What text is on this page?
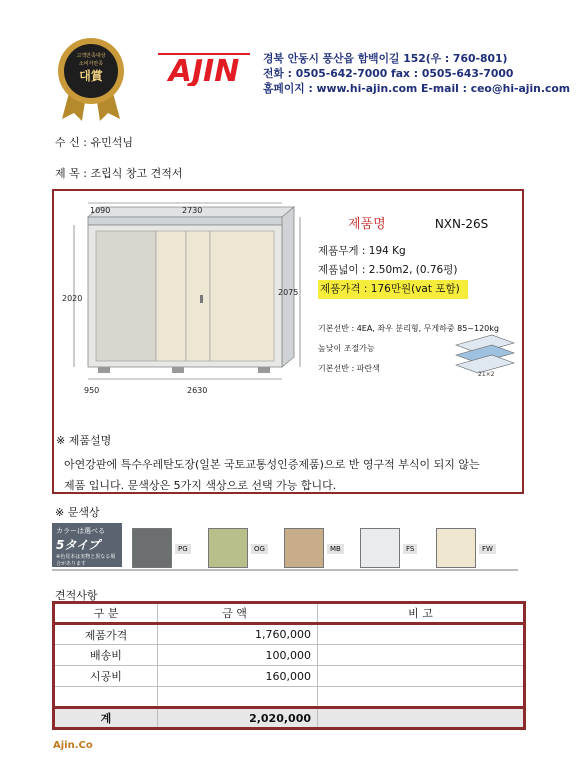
고객만족대상
소비자만족
대賞 AJIN 경북 안동시 풍산읍 함백이길 152(우 : 760-801)
전화 : 0505-642-7000 fax : 0505-643-7000
홈페이지 : www.hi-ajin.com E-mail : ceo@hi-ajin.com
수 신 : 유민석님
제 목 : 조립식 창고 견적서
1090	2730
2020
2075
950	2630
제품명	NXN-26S
제품무게 : 194 Kg
제품넓이 : 2.50m2, (0.76평)
제품가격 : 176만원(vat 포함)
기본선반 : 4EA, 좌우 분리형, 무게하중 85~120kg
높낮이 조절가능
기본선반 : 파란색
21×2
※ 제품설명
아연강판에 특수우레탄도장(일본 국토교통성인증제품)으로 반 영구적 부식이 되지 않는
제품 입니다. 문색상은 5가지 색상으로 선택 가능 합니다.
※ 문색상
カラーは選べる
5タイプ
※色見本は実物と異なる場合があります
PG	OG	MB	FS	FW
견적사항
구 분	금 액	비 고
제품가격	1,760,000	
배송비	100,000	
시공비	160,000	

계	2,020,000	
Ajin.Co
